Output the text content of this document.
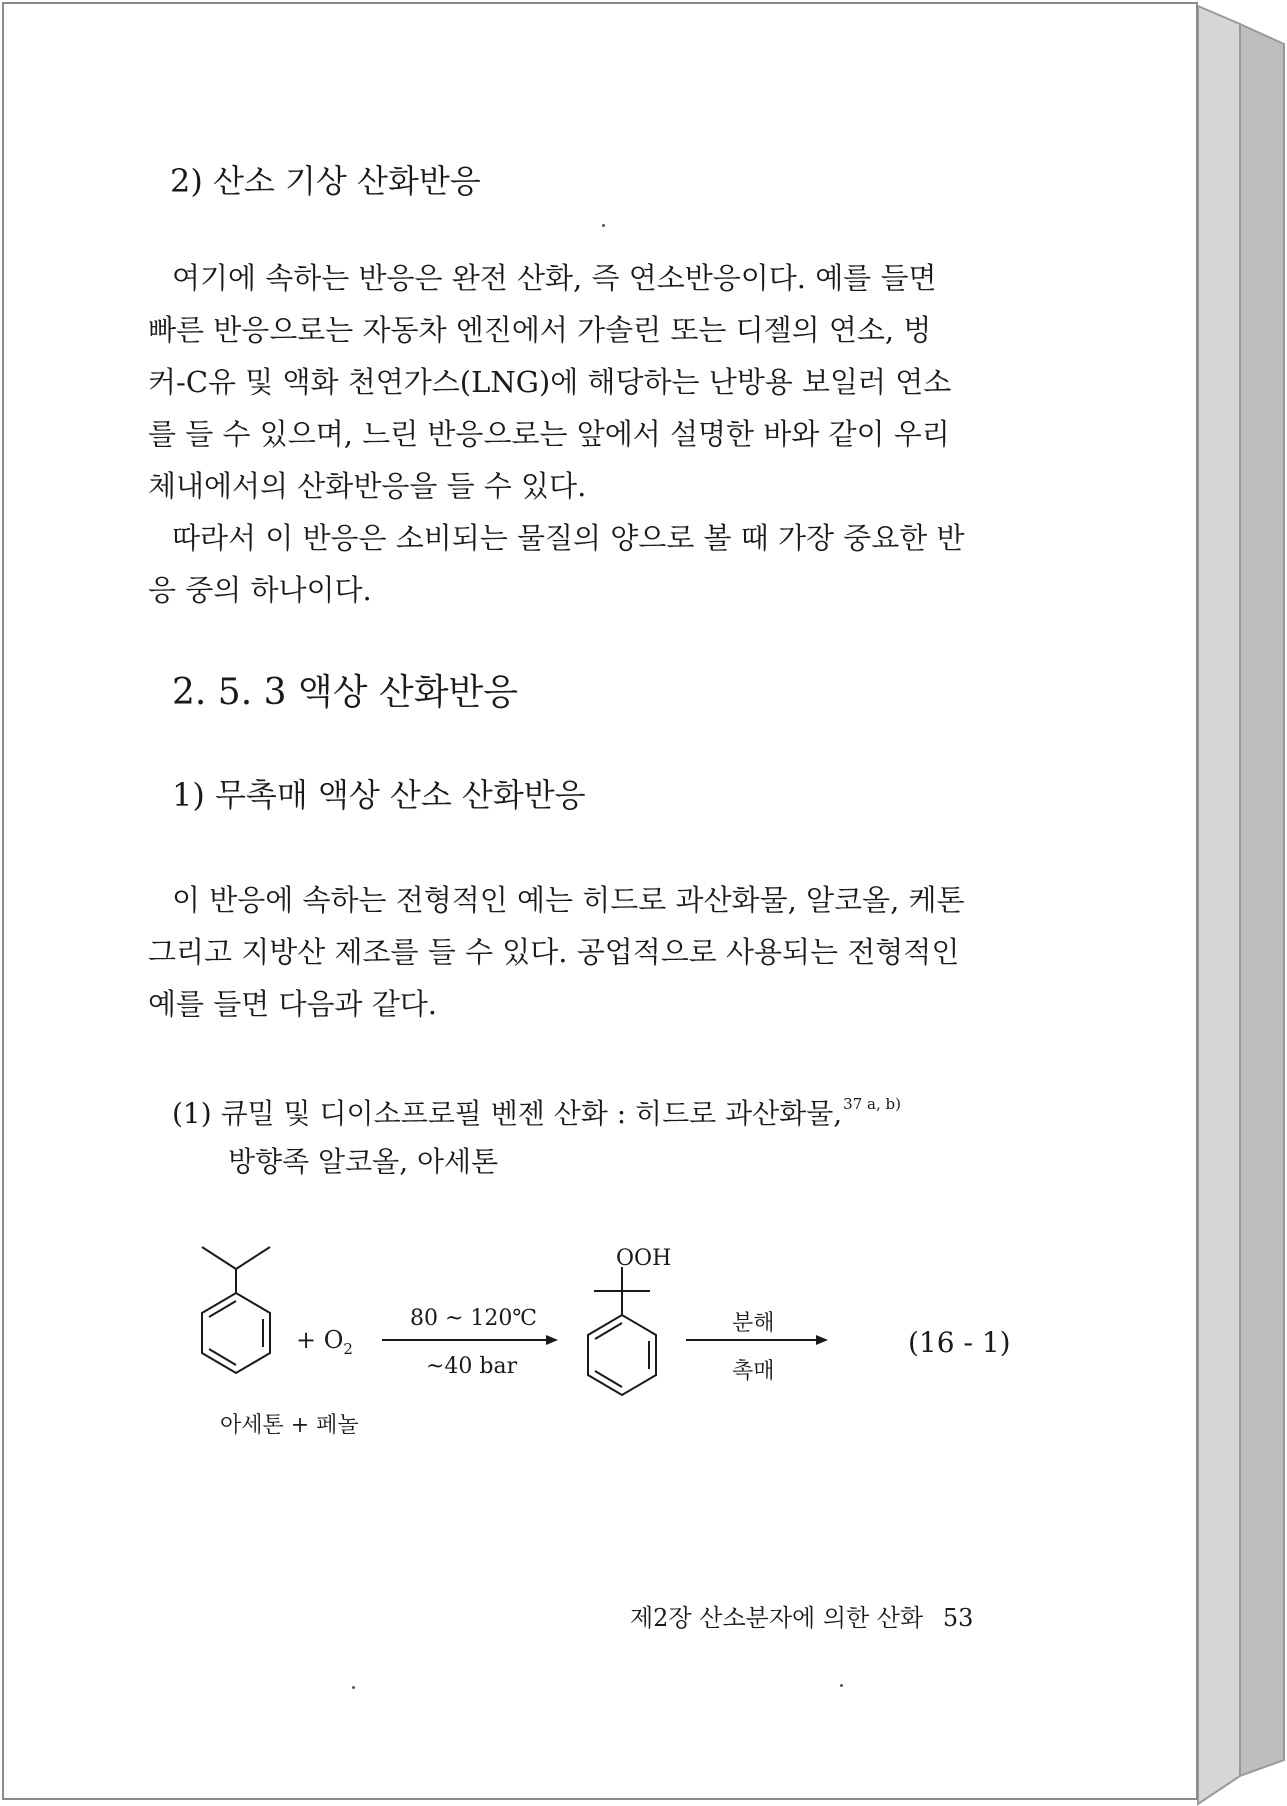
2) 산소 기상 산화반응
여기에 속하는 반응은 완전 산화, 즉 연소반응이다. 예를 들면
빠른 반응으로는 자동차 엔진에서 가솔린 또는 디젤의 연소, 벙
커-C유 및 액화 천연가스(LNG)에 해당하는 난방용 보일러 연소
를 들 수 있으며, 느린 반응으로는 앞에서 설명한 바와 같이 우리
체내에서의 산화반응을 들 수 있다.
따라서 이 반응은 소비되는 물질의 양으로 볼 때 가장 중요한 반
응 중의 하나이다.
2. 5. 3 액상 산화반응
1) 무촉매 액상 산소 산화반응
이 반응에 속하는 전형적인 예는 히드로 과산화물, 알코올, 케톤
그리고 지방산 제조를 들 수 있다. 공업적으로 사용되는 전형적인
예를 들면 다음과 같다.
(1) 큐밀 및 디이소프로필 벤젠 산화 : 히드로 과산화물,$^{37 a, b)}$
방향족 알코올, 아세톤
+ $O_2$
80 ~ 120℃
~40 bar
OOH
분해
촉매
(16 - 1)
아세톤 + 페놀
제2장 산소분자에 의한 산화 53
